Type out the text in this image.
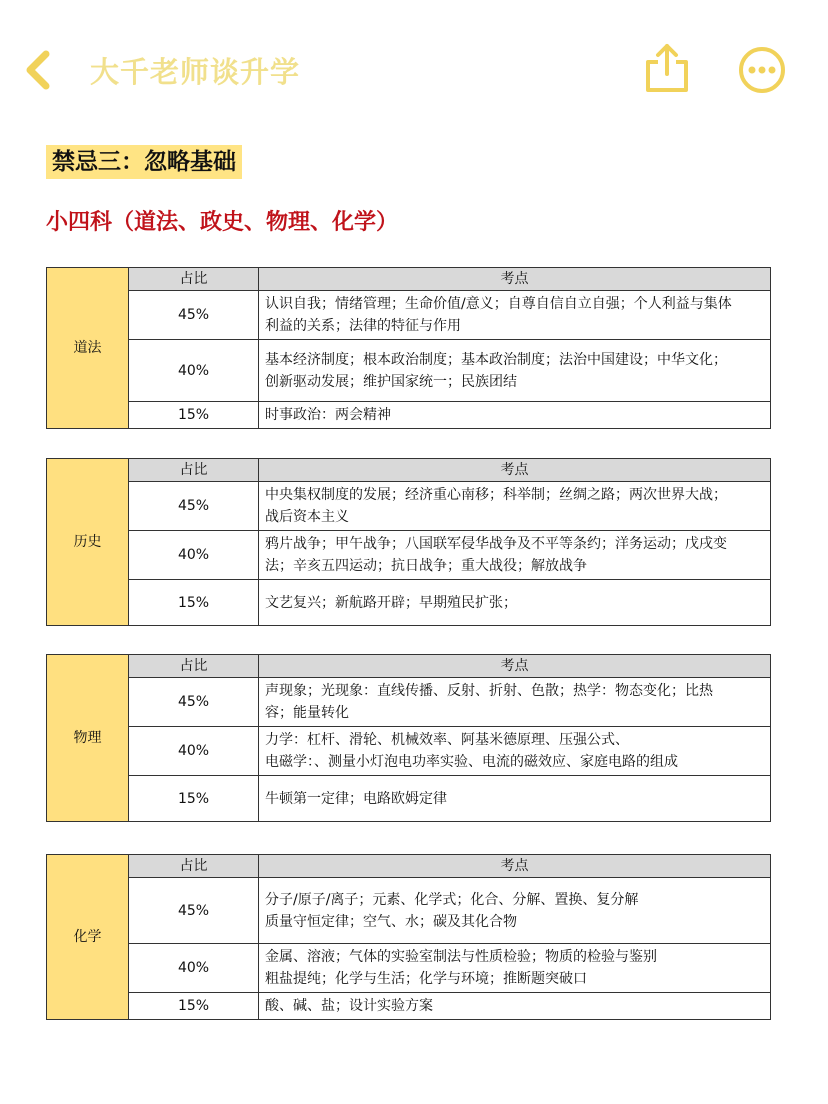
大千老师谈升学
禁忌三：忽略基础
小四科（道法、政史、物理、化学）
道法	占比	考点
	45%	认识自我；情绪管理；生命价值/意义；自尊自信自立自强；个人利益与集体
利益的关系；法律的特征与作用

	40%	基本经济制度；根本政治制度；基本政治制度；法治中国建设；中华文化；
创新驱动发展；维护国家统一；民族团结

	15%	时事政治：两会精神
历史	占比	考点
	45%	中央集权制度的发展；经济重心南移；科举制；丝绸之路；两次世界大战；
战后资本主义

	40%	鸦片战争；甲午战争；八国联军侵华战争及不平等条约；洋务运动；戊戌变
法；辛亥五四运动；抗日战争；重大战役；解放战争

	15%	文艺复兴；新航路开辟；早期殖民扩张；
物理	占比	考点
	45%	声现象；光现象：直线传播、反射、折射、色散；热学：物态变化；比热
容；能量转化

	40%	力学：杠杆、滑轮、机械效率、阿基米德原理、压强公式、
电磁学：、测量小灯泡电功率实验、电流的磁效应、家庭电路的组成

	15%	牛顿第一定律；电路欧姆定律
化学	占比	考点
	45%	分子/原子/离子；元素、化学式；化合、分解、置换、复分解
质量守恒定律；空气、水；碳及其化合物

	40%	金属、溶液；气体的实验室制法与性质检验；物质的检验与鉴别
粗盐提纯；化学与生活；化学与环境；推断题突破口

	15%	酸、碱、盐；设计实验方案
